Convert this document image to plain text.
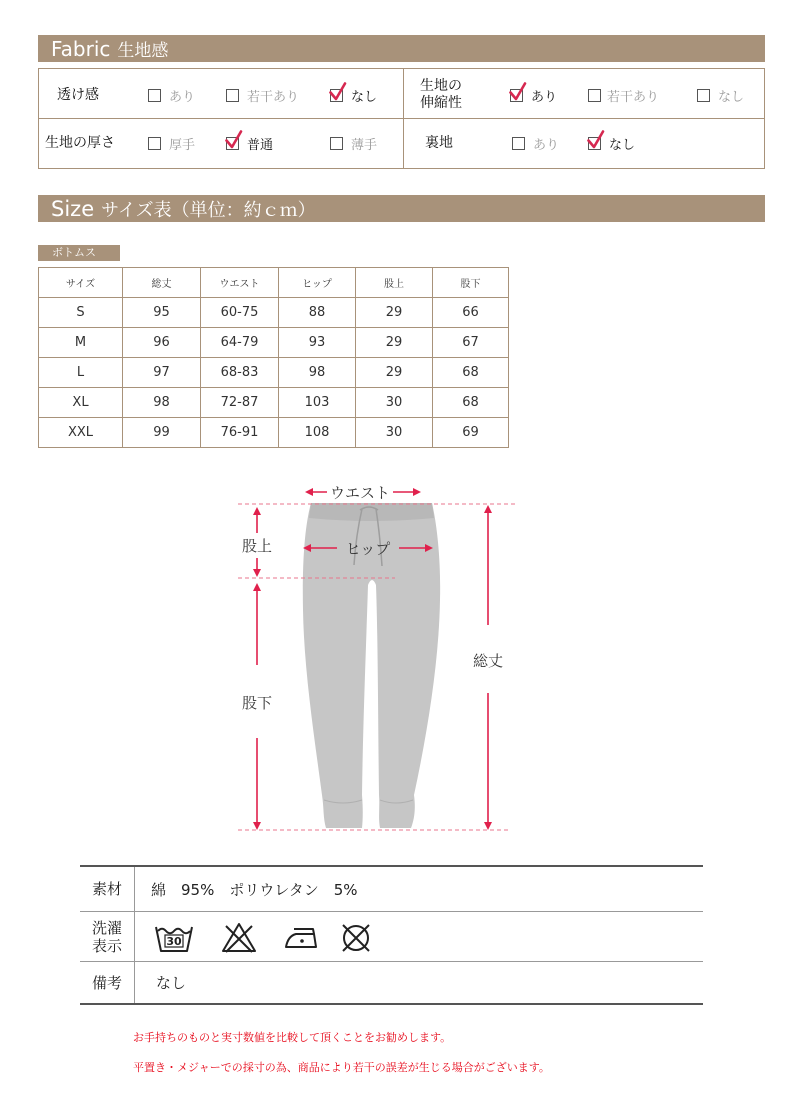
Fabric 生地感
透け感	あり	若干あり	なし
生地の
伸縮性	あり	若干あり	なし
生地の厚さ	厚手	普通	薄手	裏地	あり	なし
Size サイズ表（単位：約ｃｍ）
ボトムス
サイズ	総丈	ウエスト	ヒップ	股上	股下
S	95	60-75	88	29	66
M	96	64-79	93	29	67
L	97	68-83	98	29	68
XL	98	72-87	103	30	68
XXL	99	76-91	108	30	69
ウエスト
股上	ヒップ
股下
総丈
素材	綿　95%　ポリウレタン　5%
洗濯
表示	30
備考	なし
お手持ちのものと実寸数値を比較して頂くことをお勧めします。
平置き・メジャーでの採寸の為、商品により若干の誤差が生じる場合がございます。
